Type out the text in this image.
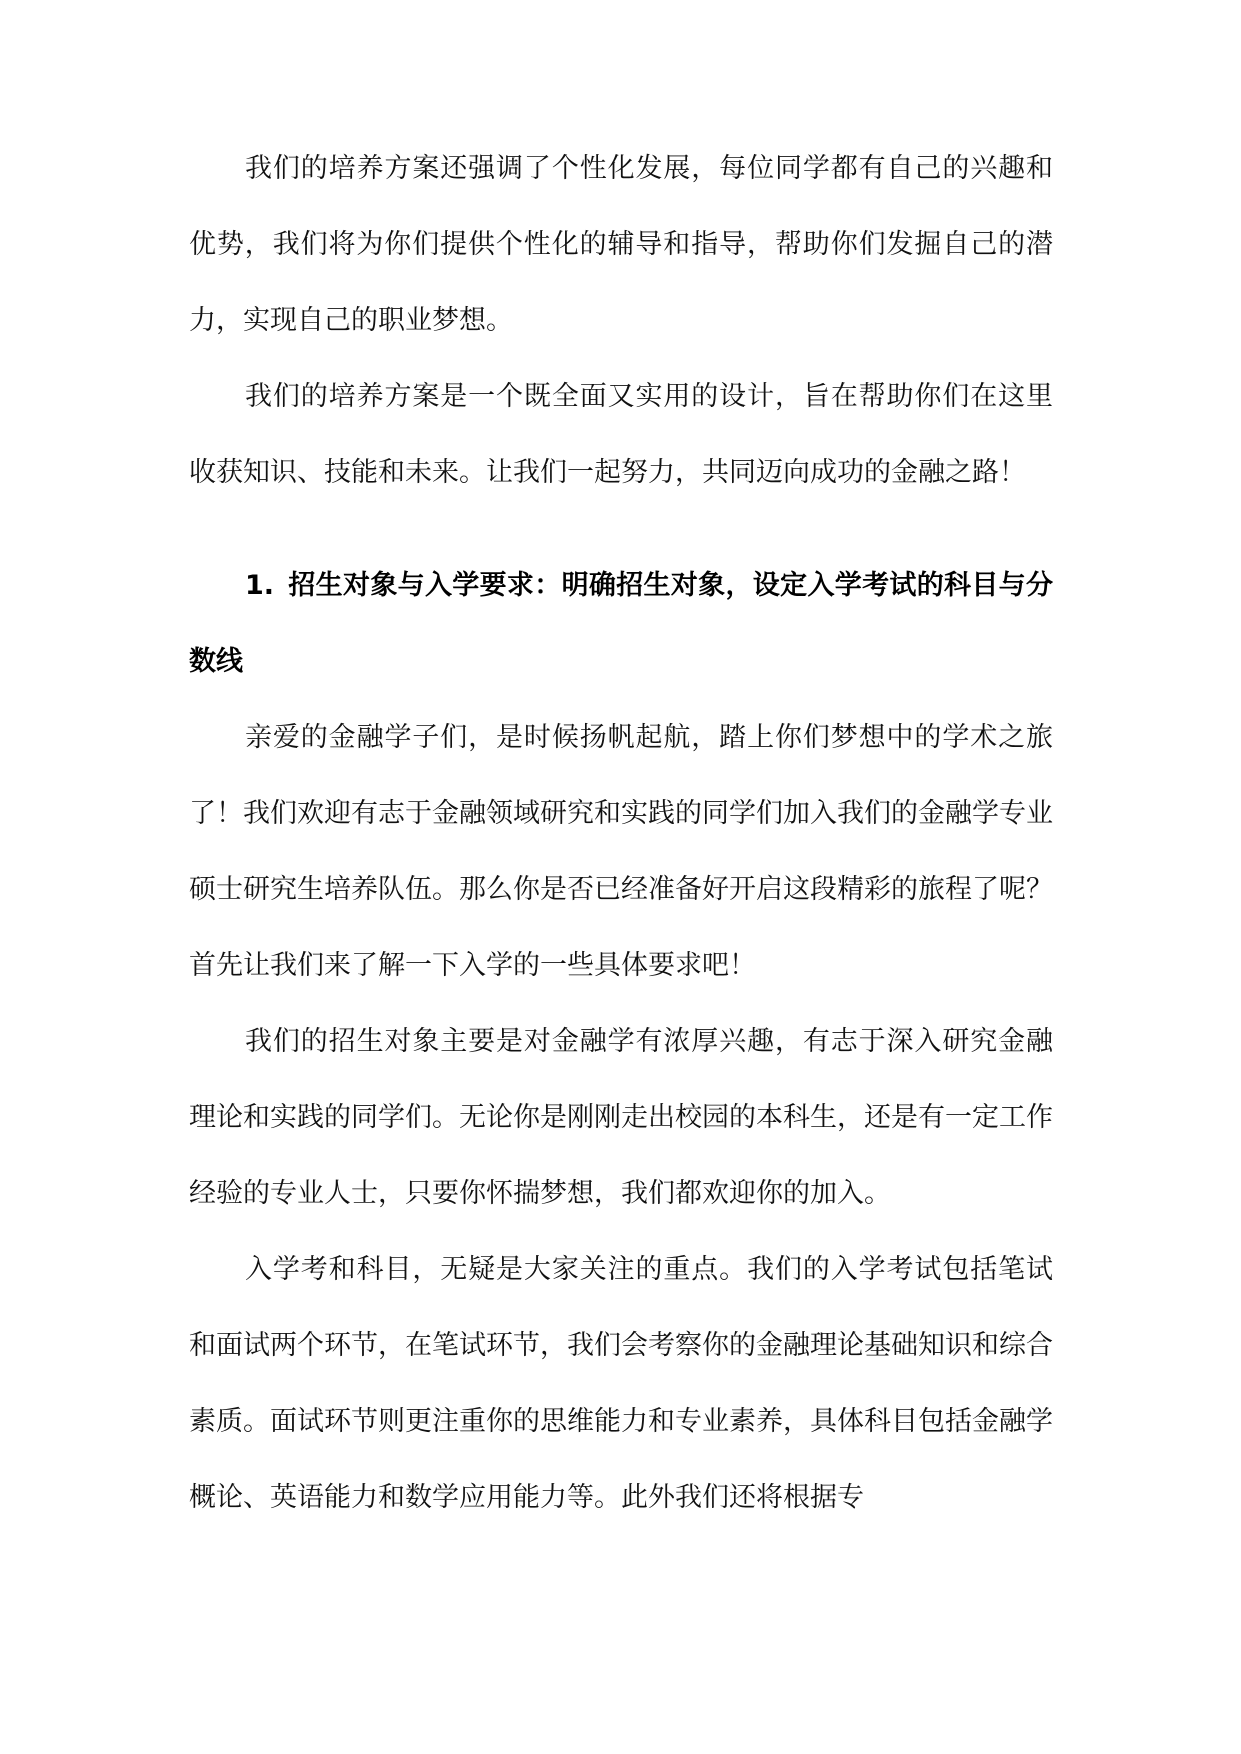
我们的培养方案还强调了个性化发展，每位同学都有自己的兴趣和优势，我们将为你们提供个性化的辅导和指导，帮助你们发掘自己的潜力，实现自己的职业梦想。

我们的培养方案是一个既全面又实用的设计，旨在帮助你们在这里收获知识、技能和未来。让我们一起努力，共同迈向成功的金融之路！

1. 招生对象与入学要求：明确招生对象，设定入学考试的科目与分数线

亲爱的金融学子们，是时候扬帆起航，踏上你们梦想中的学术之旅了！我们欢迎有志于金融领域研究和实践的同学们加入我们的金融学专业硕士研究生培养队伍。那么你是否已经准备好开启这段精彩的旅程了呢？首先让我们来了解一下入学的一些具体要求吧！

我们的招生对象主要是对金融学有浓厚兴趣，有志于深入研究金融理论和实践的同学们。无论你是刚刚走出校园的本科生，还是有一定工作经验的专业人士，只要你怀揣梦想，我们都欢迎你的加入。

入学考和科目，无疑是大家关注的重点。我们的入学考试包括笔试和面试两个环节，在笔试环节，我们会考察你的金融理论基础知识和综合素质。面试环节则更注重你的思维能力和专业素养，具体科目包括金融学概论、英语能力和数学应用能力等。此外我们还将根据专
